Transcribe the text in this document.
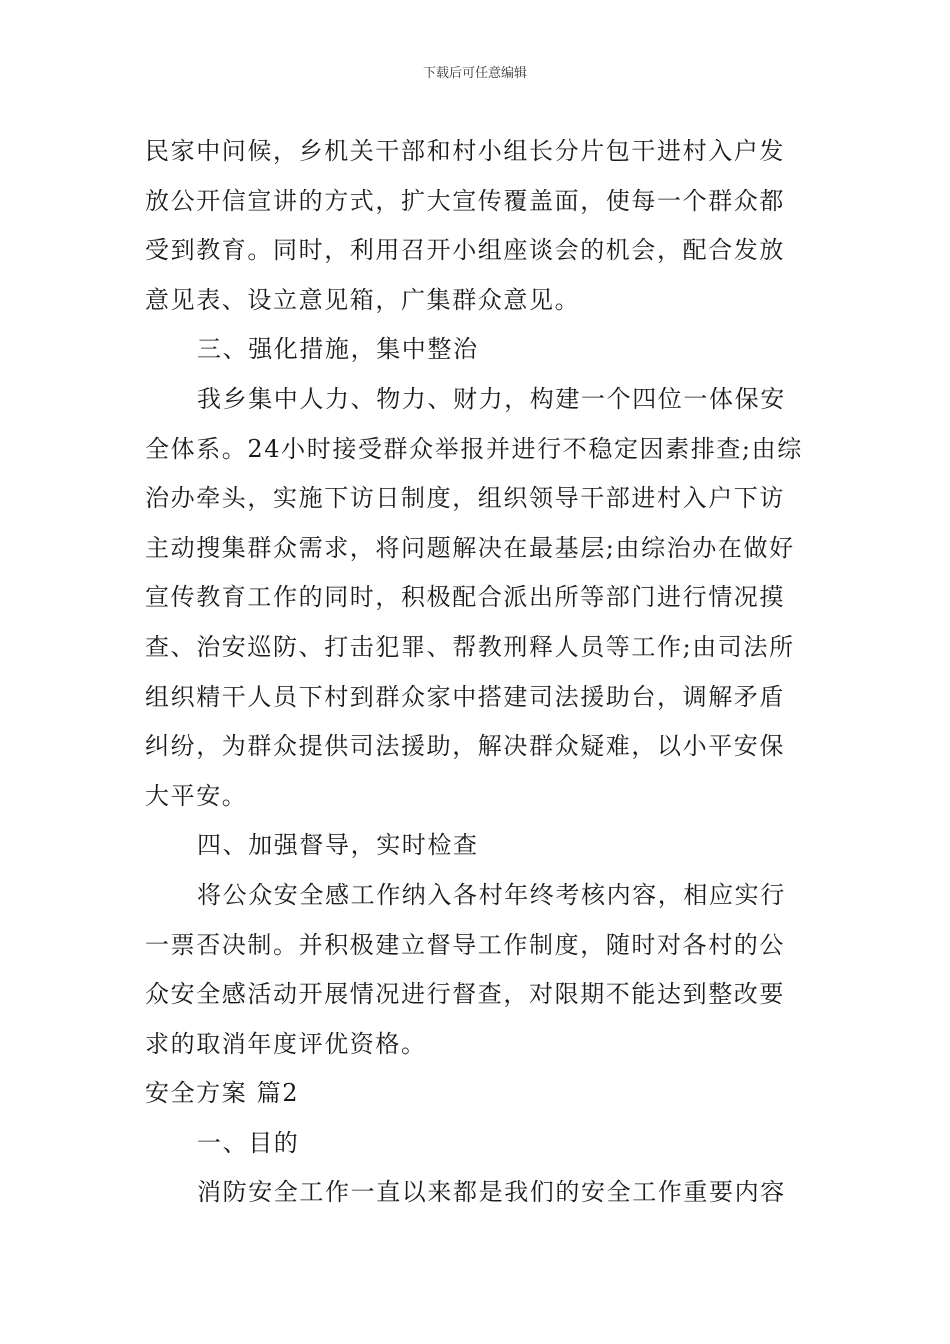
下载后可任意编辑

民家中问候，乡机关干部和村小组长分片包干进村入户发放公开信宣讲的方式，扩大宣传覆盖面，使每一个群众都受到教育。同时，利用召开小组座谈会的机会，配合发放意见表、设立意见箱，广集群众意见。

三、强化措施，集中整治

我乡集中人力、物力、财力，构建一个四位一体保安全体系。24小时接受群众举报并进行不稳定因素排查;由综治办牵头，实施下访日制度，组织领导干部进村入户下访主动搜集群众需求，将问题解决在最基层;由综治办在做好宣传教育工作的同时，积极配合派出所等部门进行情况摸查、治安巡防、打击犯罪、帮教刑释人员等工作;由司法所组织精干人员下村到群众家中搭建司法援助台，调解矛盾纠纷，为群众提供司法援助，解决群众疑难，以小平安保大平安。

四、加强督导，实时检查

将公众安全感工作纳入各村年终考核内容，相应实行一票否决制。并积极建立督导工作制度，随时对各村的公众安全感活动开展情况进行督查，对限期不能达到整改要求的取消年度评优资格。

安全方案 篇2

一、目的

消防安全工作一直以来都是我们的安全工作重要内容
